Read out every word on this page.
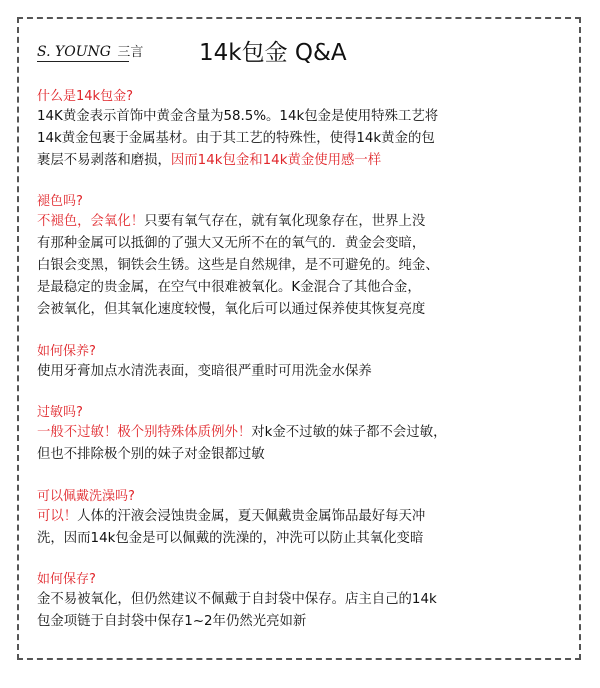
S. YOUNG 三言 14k包金 Q&A
什么是14k包金?

14K黄金表示首饰中黄金含量为58.5%。14k包金是使用特殊工艺将

14k黄金包裹于金属基材。由于其工艺的特殊性，使得14k黄金的包

裹层不易剥落和磨损，因而14k包金和14k黄金使用感一样

褪色吗?

不褪色，会氧化！只要有氧气存在，就有氧化现象存在，世界上没

有那种金属可以抵御的了强大又无所不在的氧气的．黄金会变暗，

白银会变黑，铜铁会生锈。这些是自然规律，是不可避免的。纯金、

是最稳定的贵金属，在空气中很难被氧化。K金混合了其他合金，

会被氧化，但其氧化速度较慢，氧化后可以通过保养使其恢复亮度

如何保养?

使用牙膏加点水清洗表面，变暗很严重时可用洗金水保养

过敏吗?

一般不过敏！极个别特殊体质例外！对k金不过敏的妹子都不会过敏，

但也不排除极个别的妹子对金银都过敏

可以佩戴洗澡吗?

可以！人体的汗液会浸蚀贵金属，夏天佩戴贵金属饰品最好每天冲

洗，因而14k包金是可以佩戴的洗澡的，冲洗可以防止其氧化变暗

如何保存?

金不易被氧化，但仍然建议不佩戴于自封袋中保存。店主自己的14k

包金项链于自封袋中保存1~2年仍然光亮如新
